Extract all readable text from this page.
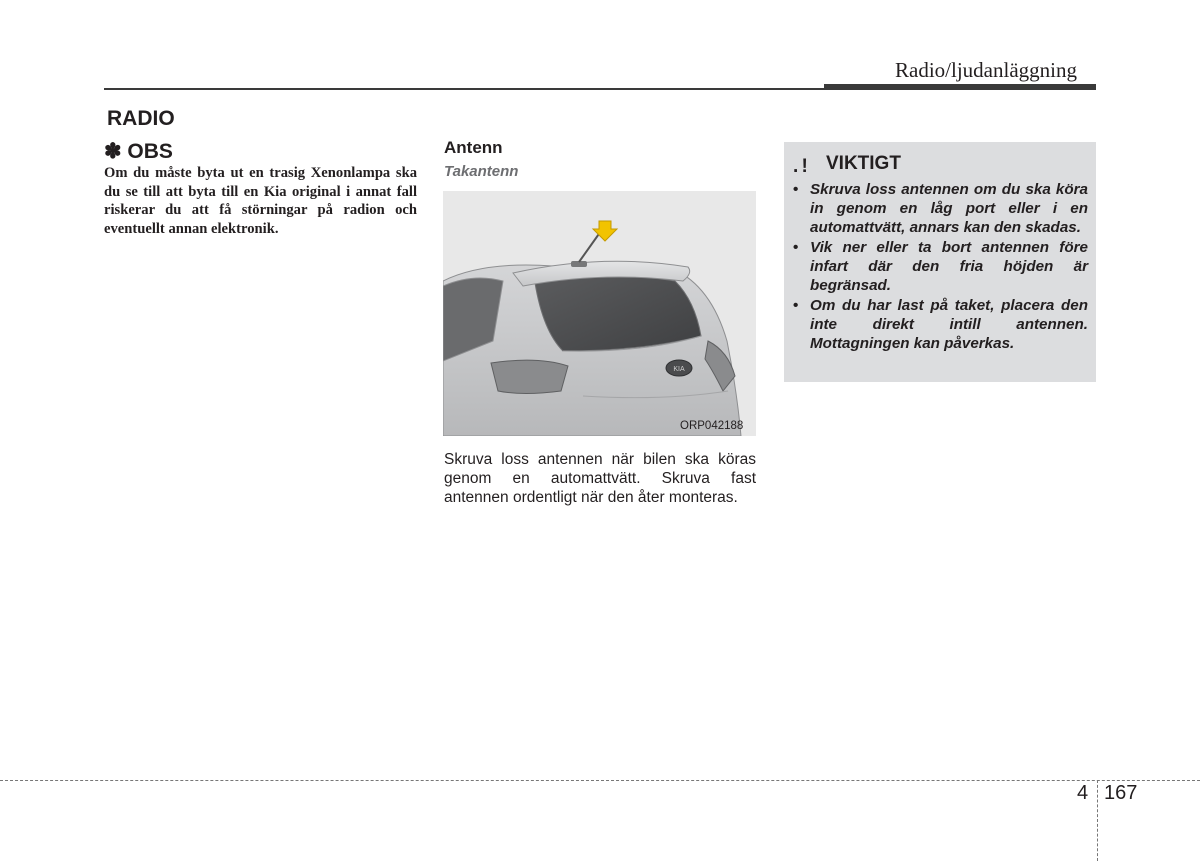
Radio/ljudanläggning
RADIO
✽ OBS
Om du måste byta ut en trasig Xenonlampa ska du se till att byta till en Kia original i annat fall riskerar du att få störningar på radion och eventuellt annan elektronik.
Antenn
Takantenn
KIA
ORP042188
Skruva loss antennen när bilen ska köras genom en automattvätt. Skruva fast antennen ordentligt när den åter monteras.
. ! VIKTIGT
• Skruva loss antennen om du ska köra in genom en låg port eller i en automattvätt, annars kan den skadas.
• Vik ner eller ta bort antennen före infart där den fria höjden är begränsad.
• Om du har last på taket, placera den inte direkt intill antennen. Mottagningen kan påverkas.
4 167
